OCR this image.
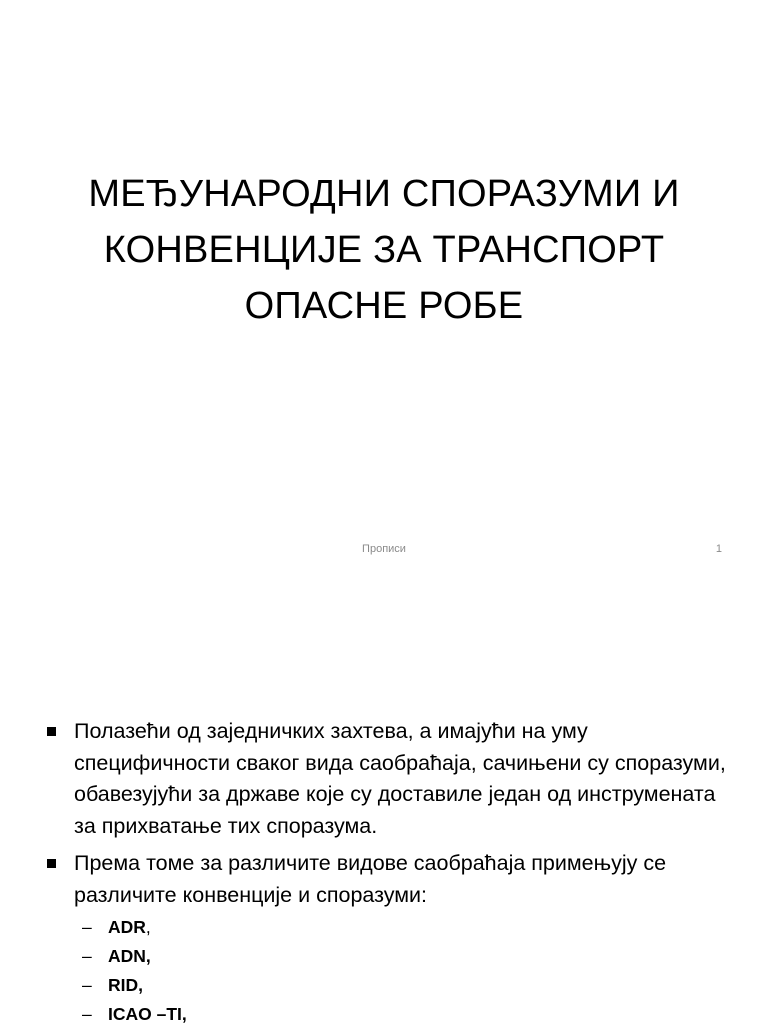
МЕЂУНАРОДНИ СПОРАЗУМИ И
КОНВЕНЦИЈЕ ЗА ТРАНСПОРТ
ОПАСНЕ РОБЕ
Прописи	1
Полазећи од заједничких захтева, а имајући на уму специфичности сваког вида саобраћаја, сачињени су споразуми, обавезујући за државе које су доставиле један од инструмената за прихватање тих споразума.
Према томе за различите видове саобраћаја примењују се различите конвенције и споразуми:
– ADR,
– ADN,
– RID,
– ICAO –TI,
